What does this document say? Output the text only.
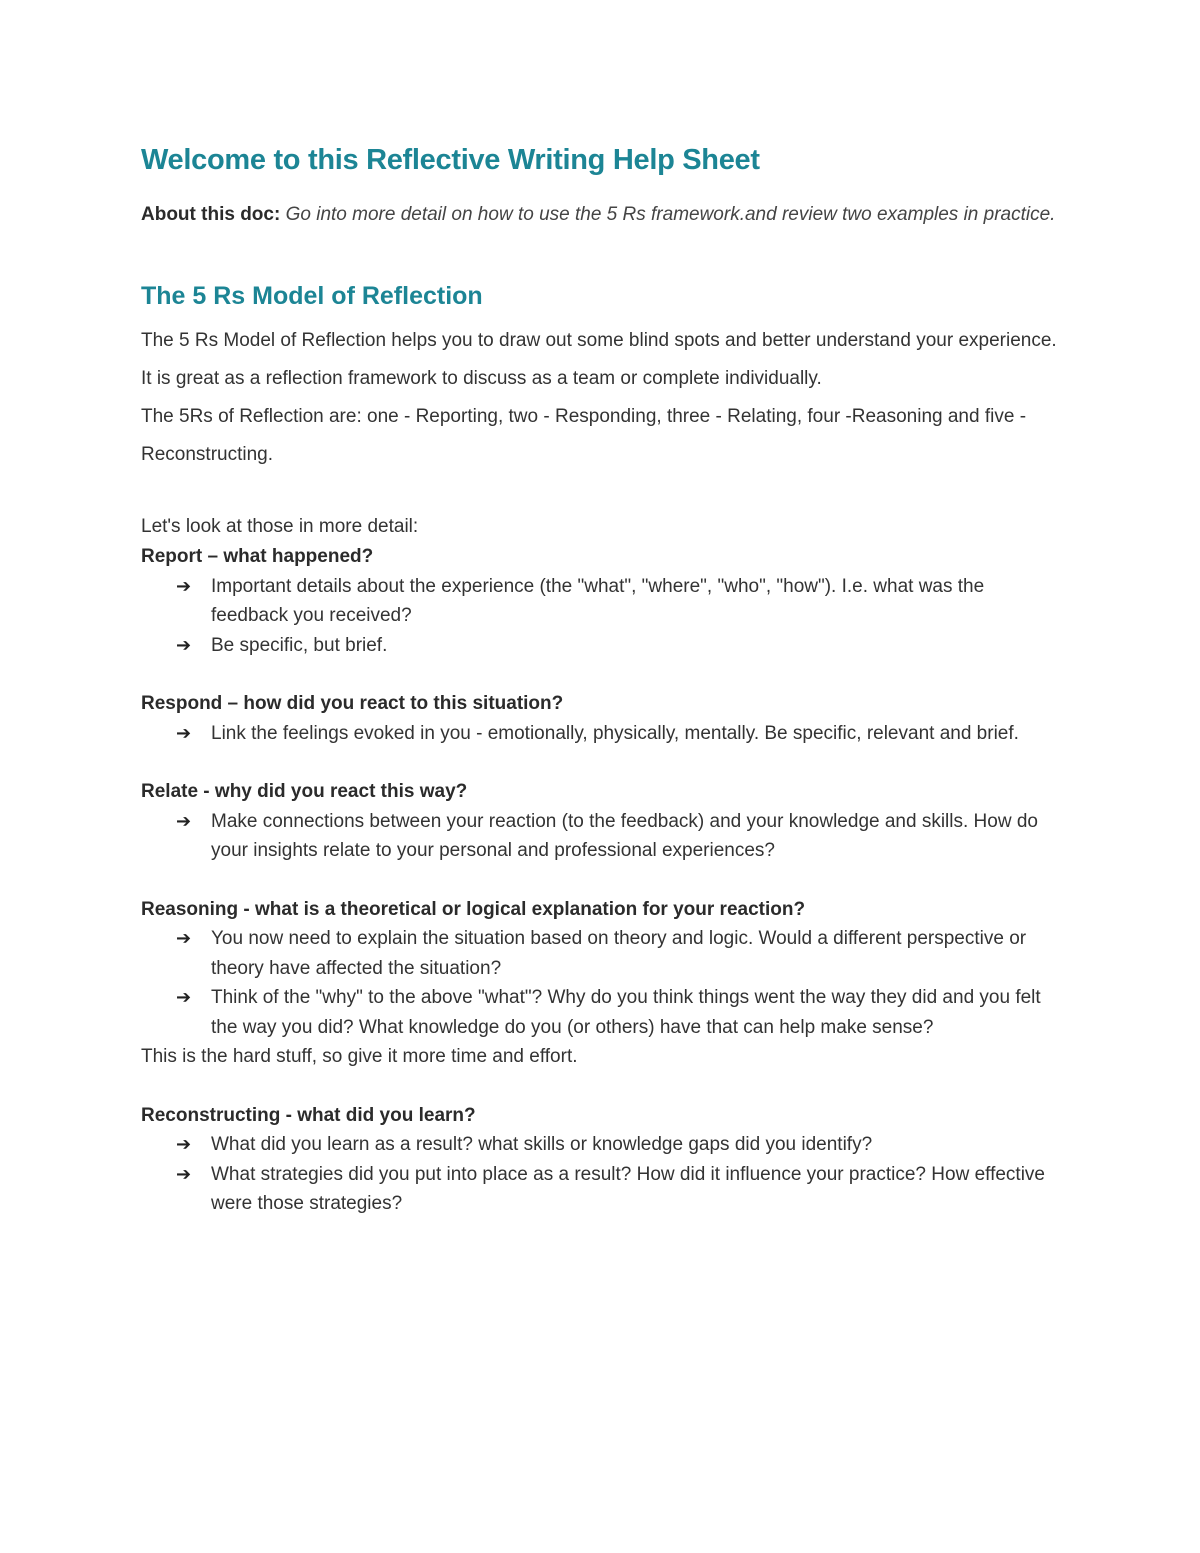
Welcome to this Reflective Writing Help Sheet
About this doc: Go into more detail on how to use the 5 Rs framework.and review two examples in practice.
The 5 Rs Model of Reflection

The 5 Rs Model of Reflection helps you to draw out some blind spots and better understand your experience. It is great as a reflection framework to discuss as a team or complete individually.

The 5Rs of Reflection are: one - Reporting, two - Responding, three - Relating, four -Reasoning and five - Reconstructing.

Let's look at those in more detail:
Report – what happened?
➔ Important details about the experience (the "what", "where", "who", "how"). I.e. what was the feedback you received?
➔ Be specific, but brief.
Respond – how did you react to this situation?
➔ Link the feelings evoked in you - emotionally, physically, mentally. Be specific, relevant and brief.
Relate - why did you react this way?
➔ Make connections between your reaction (to the feedback) and your knowledge and skills. How do your insights relate to your personal and professional experiences?
Reasoning - what is a theoretical or logical explanation for your reaction?
➔ You now need to explain the situation based on theory and logic. Would a different perspective or theory have affected the situation?
➔ Think of the "why" to the above "what"? Why do you think things went the way they did and you felt the way you did? What knowledge do you (or others) have that can help make sense?

This is the hard stuff, so give it more time and effort.

Reconstructing - what did you learn?
➔ What did you learn as a result? what skills or knowledge gaps did you identify?
➔ What strategies did you put into place as a result? How did it influence your practice? How effective were those strategies?
